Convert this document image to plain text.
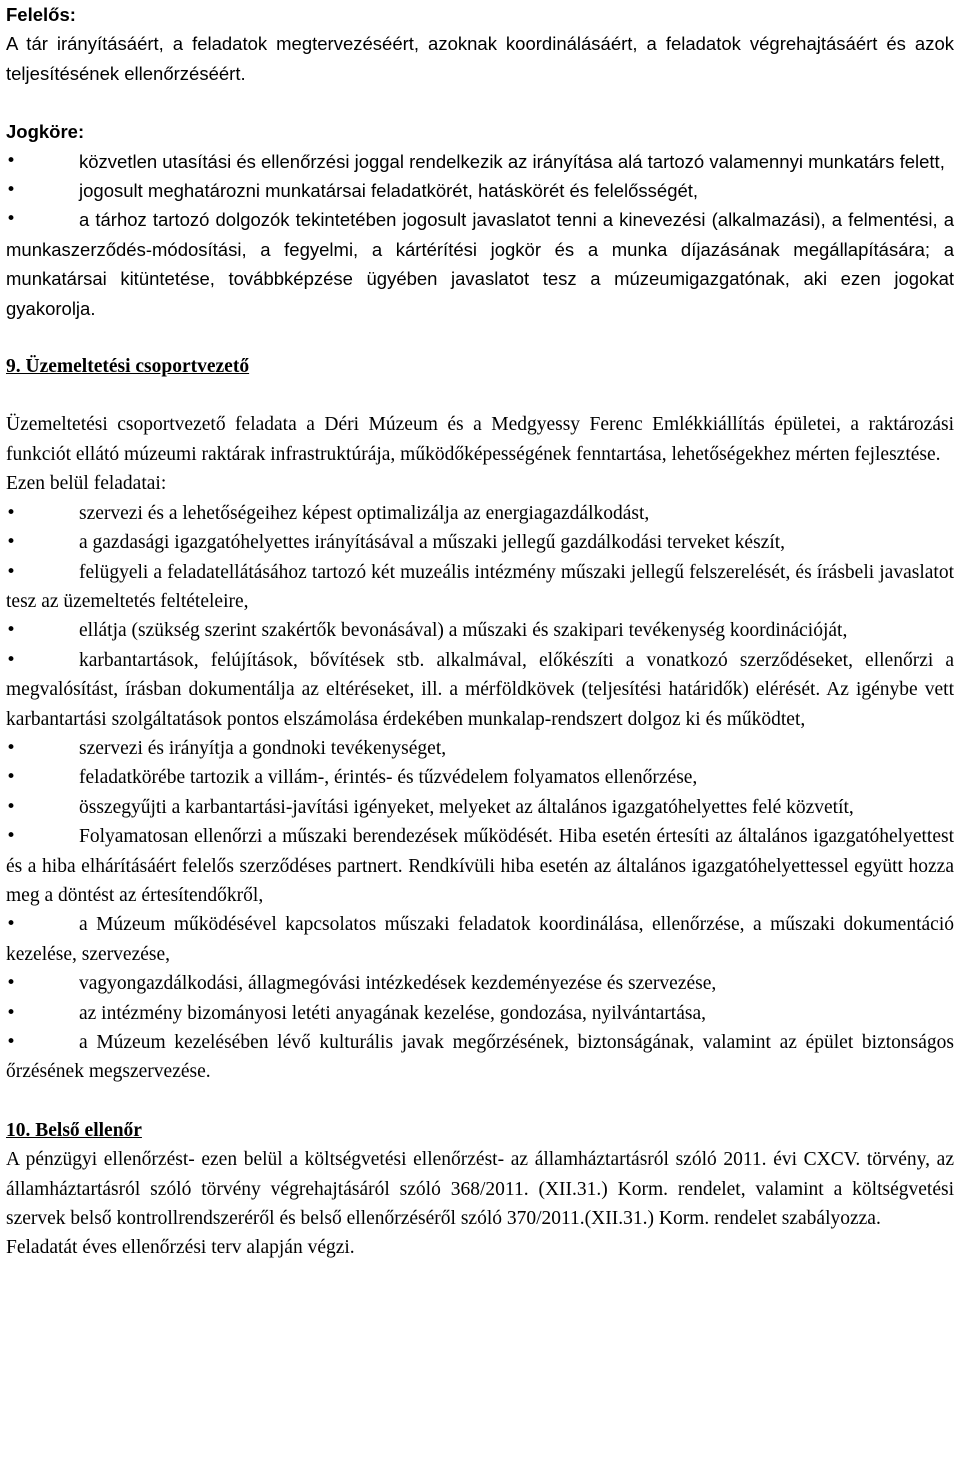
Felelős:

A tár irányításáért, a feladatok megtervezéséért, azoknak koordinálásáért, a feladatok végrehajtásáért és azok teljesítésének ellenőrzéséért.

Jogköre:

• közvetlen utasítási és ellenőrzési joggal rendelkezik az irányítása alá tartozó valamennyi munkatárs felett,

• jogosult meghatározni munkatársai feladatkörét, hatáskörét és felelősségét,

• a tárhoz tartozó dolgozók tekintetében jogosult javaslatot tenni a kinevezési (alkalmazási), a felmentési, a munkaszerződés-módosítási, a fegyelmi, a kártérítési jogkör és a munka díjazásának megállapítására; a munkatársai kitüntetése, továbbképzése ügyében javaslatot tesz a múzeumigazgatónak, aki ezen jogokat gyakorolja.

9. Üzemeltetési csoportvezető

Üzemeltetési csoportvezető feladata a Déri Múzeum és a Medgyessy Ferenc Emlékkiállítás épületei, a raktározási funkciót ellátó múzeumi raktárak infrastruktúrája, működőképességének fenntartása, lehetőségekhez mérten fejlesztése.

Ezen belül feladatai:

• szervezi és a lehetőségeihez képest optimalizálja az energiagazdálkodást,

• a gazdasági igazgatóhelyettes irányításával a műszaki jellegű gazdálkodási terveket készít,

• felügyeli a feladatellátásához tartozó két muzeális intézmény műszaki jellegű felszerelését, és írásbeli javaslatot tesz az üzemeltetés feltételeire,

• ellátja (szükség szerint szakértők bevonásával) a műszaki és szakipari tevékenység koordinációját,

• karbantartások, felújítások, bővítések stb. alkalmával, előkészíti a vonatkozó szerződéseket, ellenőrzi a megvalósítást, írásban dokumentálja az eltéréseket, ill. a mérföldkövek (teljesítési határidők) elérését. Az igénybe vett karbantartási szolgáltatások pontos elszámolása érdekében munkalap-rendszert dolgoz ki és működtet,

• szervezi és irányítja a gondnoki tevékenységet,

• feladatkörébe tartozik a villám-, érintés- és tűzvédelem folyamatos ellenőrzése,

• összegyűjti a karbantartási-javítási igényeket, melyeket az általános igazgatóhelyettes felé közvetít,

• Folyamatosan ellenőrzi a műszaki berendezések működését. Hiba esetén értesíti az általános igazgatóhelyettest és a hiba elhárításáért felelős szerződéses partnert. Rendkívüli hiba esetén az általános igazgatóhelyettessel együtt hozza meg a döntést az értesítendőkről,

• a Múzeum működésével kapcsolatos műszaki feladatok koordinálása, ellenőrzése, a műszaki dokumentáció kezelése, szervezése,

• vagyongazdálkodási, állagmegóvási intézkedések kezdeményezése és szervezése,

• az intézmény bizományosi letéti anyagának kezelése, gondozása, nyilvántartása,

• a Múzeum kezelésében lévő kulturális javak megőrzésének, biztonságának, valamint az épület biztonságos őrzésének megszervezése.

10. Belső ellenőr

A pénzügyi ellenőrzést- ezen belül a költségvetési ellenőrzést- az államháztartásról szóló 2011. évi CXCV. törvény, az államháztartásról szóló törvény végrehajtásáról szóló 368/2011. (XII.31.) Korm. rendelet, valamint a költségvetési szervek belső kontrollrendszeréről és belső ellenőrzéséről szóló 370/2011.(XII.31.) Korm. rendelet szabályozza.

Feladatát éves ellenőrzési terv alapján végzi.
